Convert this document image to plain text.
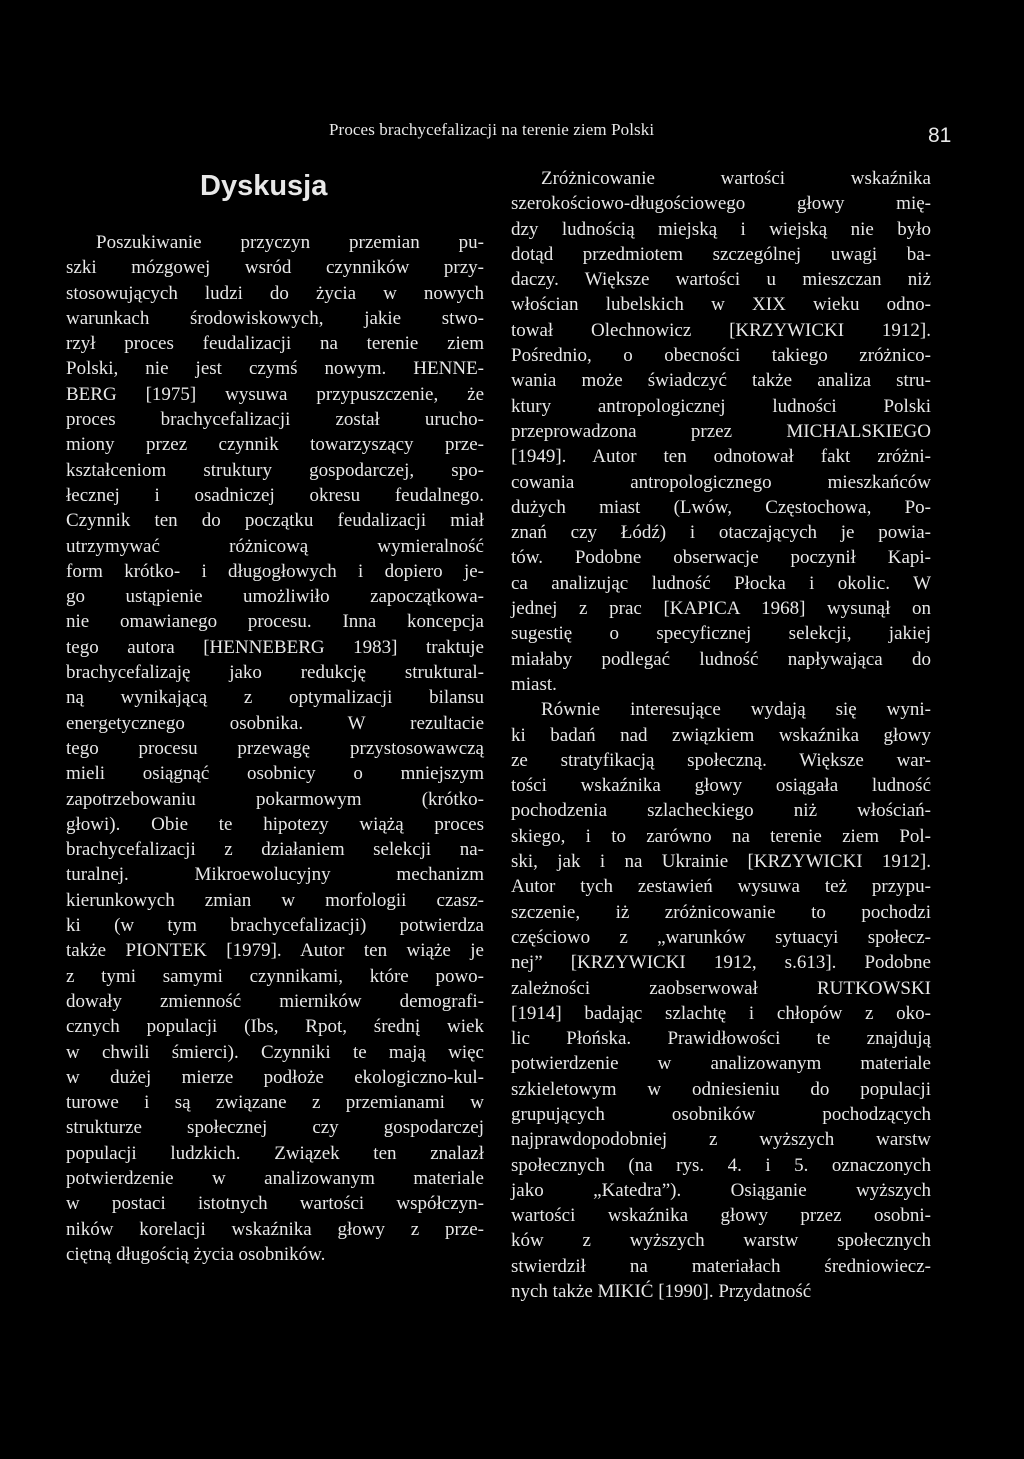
Proces brachycefalizacji na terenie ziem Polski	81
Dyskusja
Poszukiwanie przyczyn przemian pu-
szki mózgowej wsród czynników przy-
stosowujących ludzi do życia w nowych
warunkach środowiskowych, jakie stwo-
rzył proces feudalizacji na terenie ziem
Polski, nie jest czymś nowym. HENNE-
BERG [1975] wysuwa przypuszczenie, że
proces brachycefalizacji został urucho-
miony przez czynnik towarzyszący prze-
kształceniom struktury gospodarczej, spo-
łecznej i osadniczej okresu feudalnego.
Czynnik ten do początku feudalizacji miał
utrzymywać różnicową wymieralność
form krótko- i długogłowych i dopiero je-
go ustąpienie umożliwiło zapoczątkowa-
nie omawianego procesu. Inna koncepcja
tego autora [HENNEBERG 1983] traktuje
brachycefalizaję jako redukcję struktural-
ną wynikającą z optymalizacji bilansu
energetycznego osobnika. W rezultacie
tego procesu przewagę przystosowawczą
mieli osiągnąć osobnicy o mniejszym
zapotrzebowaniu pokarmowym (krótko-
głowi). Obie te hipotezy wiążą proces
brachycefalizacji z działaniem selekcji na-
turalnej. Mikroewolucyjny mechanizm
kierunkowych zmian w morfologii czasz-
ki (w tym brachycefalizacji) potwierdza
także PIONTEK [1979]. Autor ten wiąże je
z tymi samymi czynnikami, które powo-
dowały zmienność mierników demografi-
cznych populacji (Ibs, Rpot, średnį wiek
w chwili śmierci). Czynniki te mają więc
w dużej mierze podłoże ekologiczno-kul-
turowe i są związane z przemianami w
strukturze społecznej czy gospodarczej
populacji ludzkich. Związek ten znalazł
potwierdzenie w analizowanym materiale
w postaci istotnych wartości współczyn-
ników korelacji wskaźnika głowy z prze-
ciętną długością życia osobników.
Zróżnicowanie wartości wskaźnika
szerokościowo-długościowego głowy mię-
dzy ludnością miejską i wiejską nie było
dotąd przedmiotem szczególnej uwagi ba-
daczy. Większe wartości u mieszczan niż
włościan lubelskich w XIX wieku odno-
tował Olechnowicz [KRZYWICKI 1912].
Pośrednio, o obecności takiego zróżnico-
wania może świadczyć także analiza stru-
ktury antropologicznej ludności Polski
przeprowadzona przez MICHALSKIEGO
[1949]. Autor ten odnotował fakt zróżni-
cowania antropologicznego mieszkańców
dużych miast (Lwów, Częstochowa, Po-
znań czy Łódź) i otaczających je powia-
tów. Podobne obserwacje poczynił Kapi-
ca analizując ludność Płocka i okolic. W
jednej z prac [KAPICA 1968] wysunął on
sugestię o specyficznej selekcji, jakiej
miałaby podlegać ludność napływająca do
miast.
Równie interesujące wydają się wyni-
ki badań nad związkiem wskaźnika głowy
ze stratyfikacją społeczną. Większe war-
tości wskaźnika głowy osiągała ludność
pochodzenia szlacheckiego niż włościań-
skiego, i to zarówno na terenie ziem Pol-
ski, jak i na Ukrainie [KRZYWICKI 1912].
Autor tych zestawień wysuwa też przypu-
szczenie, iż zróżnicowanie to pochodzi
częściowo z „warunków sytuacyi społecz-
nej” [KRZYWICKI 1912, s.613]. Podobne
zależności zaobserwował RUTKOWSKI
[1914] badając szlachtę i chłopów z oko-
lic Płońska. Prawidłowości te znajdują
potwierdzenie w analizowanym materiale
szkieletowym w odniesieniu do populacji
grupujących osobników pochodzących
najprawdopodobniej z wyższych warstw
społecznych (na rys. 4. i 5. oznaczonych
jako „Katedra”). Osiąganie wyższych
wartości wskaźnika głowy przez osobni-
ków z wyższych warstw społecznych
stwierdził na materiałach średniowiecz-
nych także MIKIĆ [1990]. Przydatność
